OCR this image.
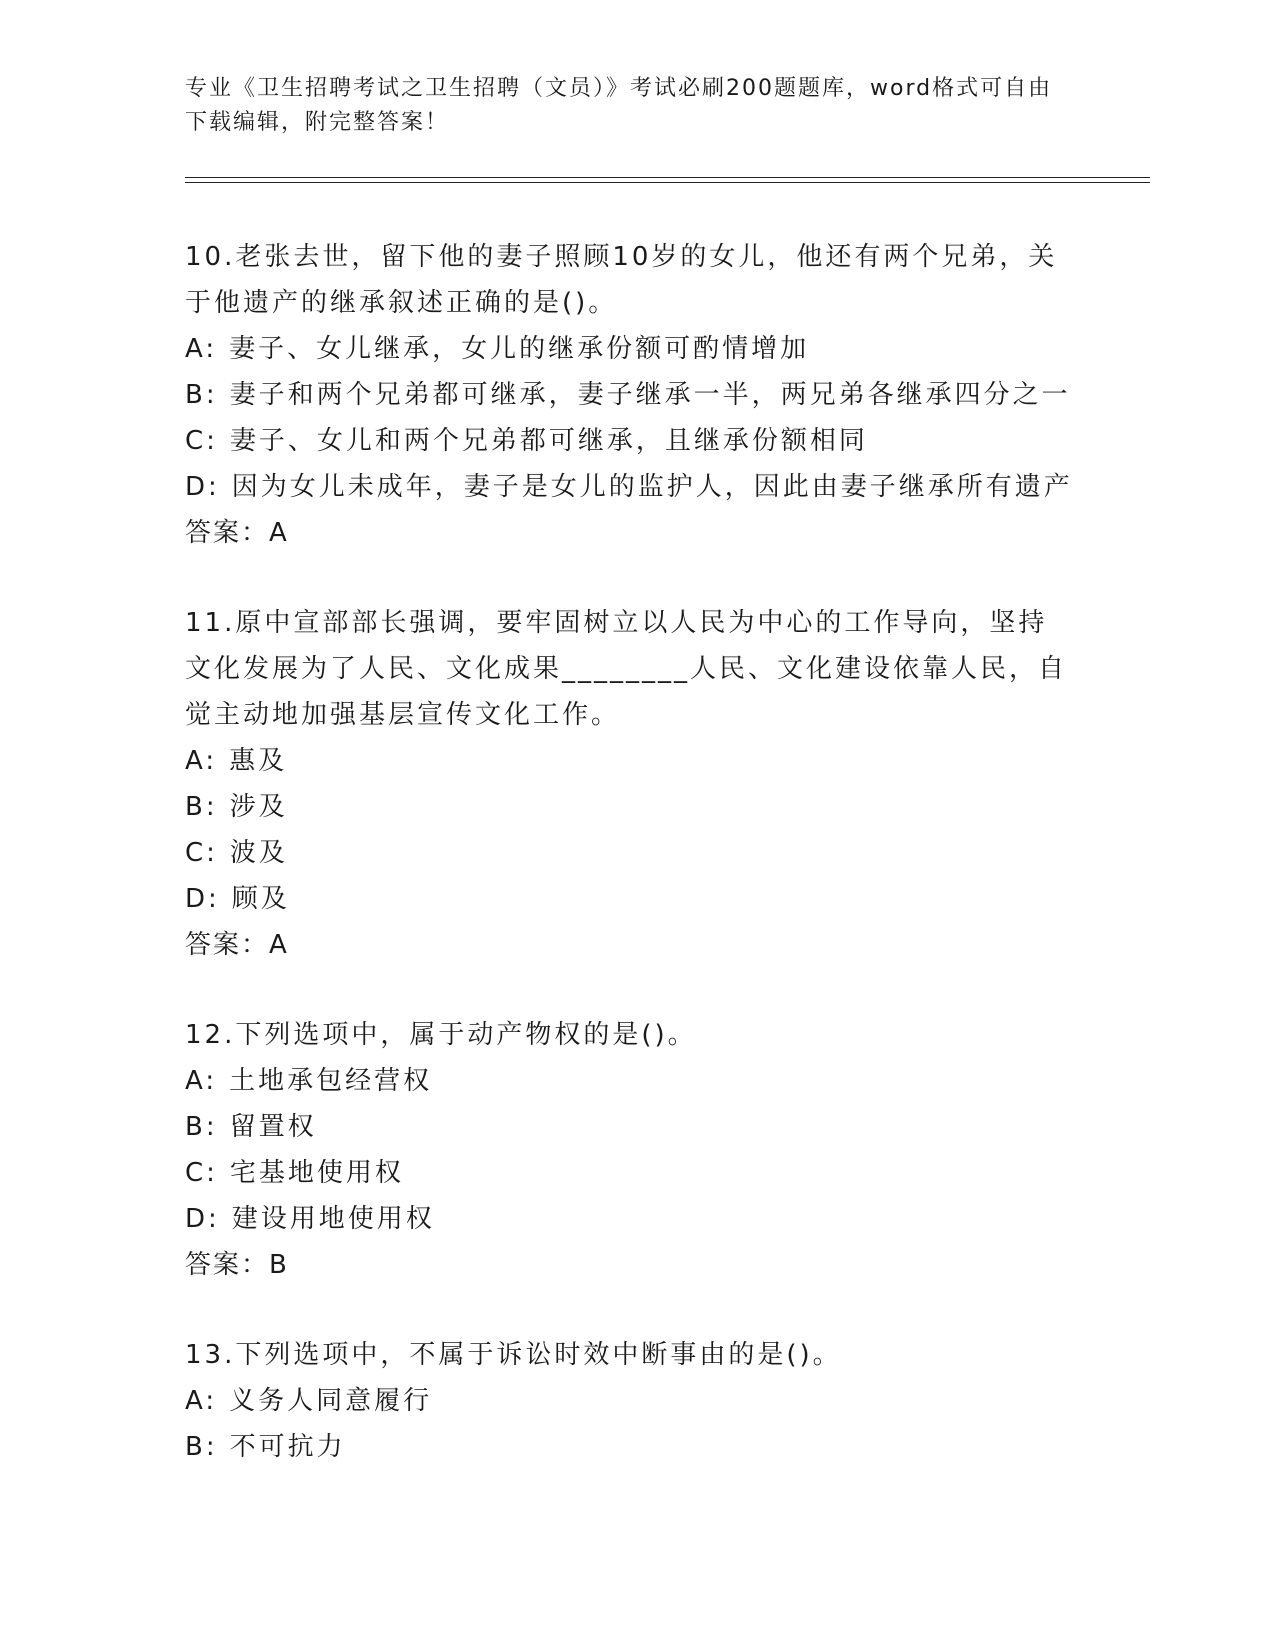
专业《卫生招聘考试之卫生招聘（文员）》考试必刷200题题库，word格式可自由下载编辑，附完整答案！

10.老张去世，留下他的妻子照顾10岁的女儿，他还有两个兄弟，关于他遗产的继承叙述正确的是()。

A: 妻子、女儿继承，女儿的继承份额可酌情增加
B: 妻子和两个兄弟都可继承，妻子继承一半，两兄弟各继承四分之一
C: 妻子、女儿和两个兄弟都可继承，且继承份额相同
D: 因为女儿未成年，妻子是女儿的监护人，因此由妻子继承所有遗产
答案：A

11.原中宣部部长强调，要牢固树立以人民为中心的工作导向，坚持文化发展为了人民、文化成果________人民、文化建设依靠人民，自觉主动地加强基层宣传文化工作。

A: 惠及
B: 涉及
C: 波及
D: 顾及
答案：A

12.下列选项中，属于动产物权的是()。

A: 土地承包经营权
B: 留置权
C: 宅基地使用权
D: 建设用地使用权
答案：B

13.下列选项中，不属于诉讼时效中断事由的是()。

A: 义务人同意履行
B: 不可抗力
